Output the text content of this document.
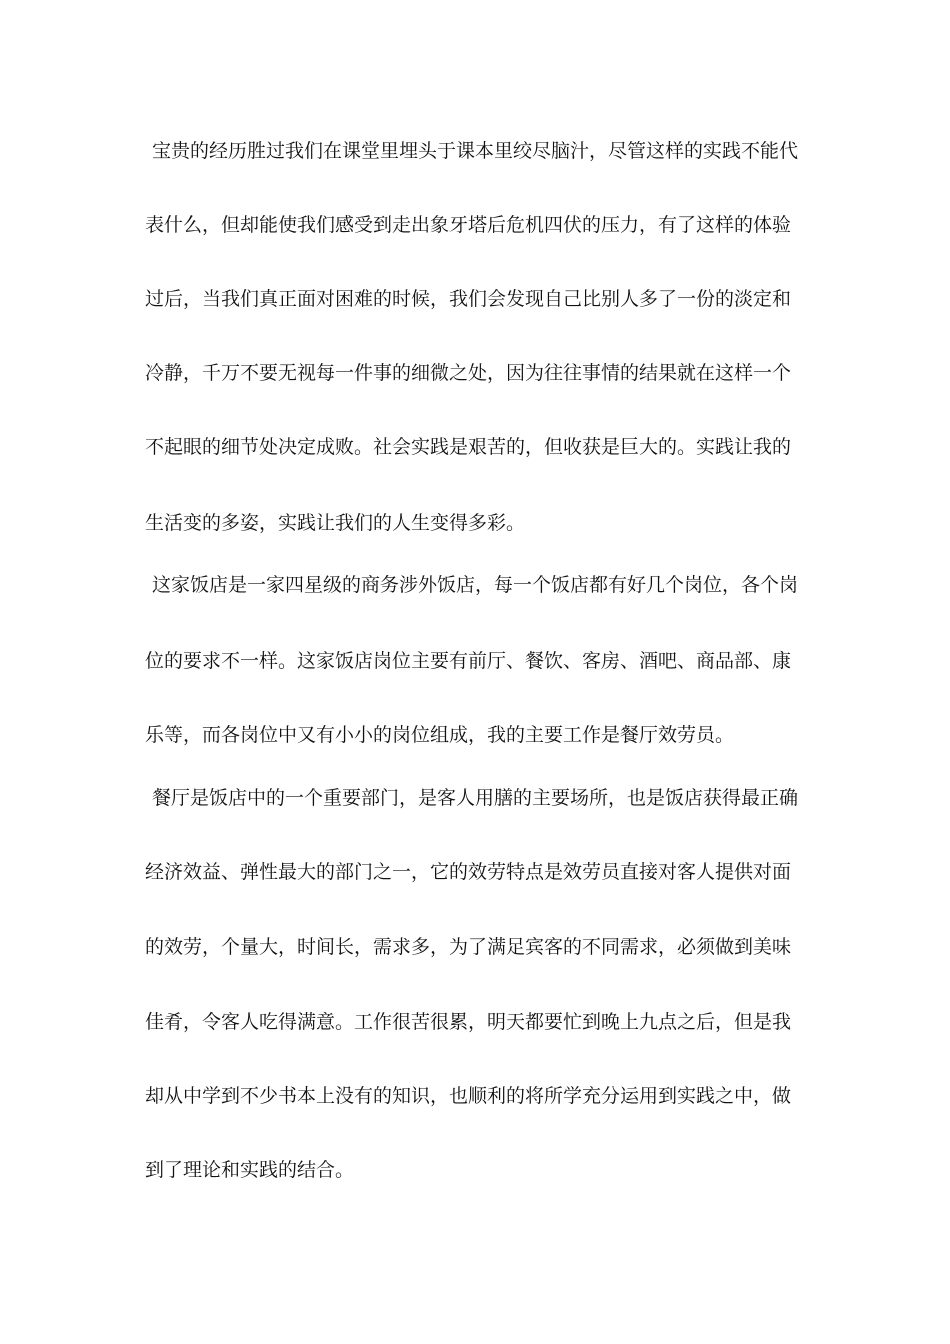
宝贵的经历胜过我们在课堂里埋头于课本里绞尽脑汁，尽管这样的实践不能代
表什么，但却能使我们感受到走出象牙塔后危机四伏的压力，有了这样的体验
过后，当我们真正面对困难的时候，我们会发现自己比别人多了一份的淡定和
冷静，千万不要无视每一件事的细微之处，因为往往事情的结果就在这样一个
不起眼的细节处决定成败。社会实践是艰苦的，但收获是巨大的。实践让我的
生活变的多姿，实践让我们的人生变得多彩。
这家饭店是一家四星级的商务涉外饭店，每一个饭店都有好几个岗位，各个岗
位的要求不一样。这家饭店岗位主要有前厅、餐饮、客房、酒吧、商品部、康
乐等，而各岗位中又有小小的岗位组成，我的主要工作是餐厅效劳员。
餐厅是饭店中的一个重要部门，是客人用膳的主要场所，也是饭店获得最正确
经济效益、弹性最大的部门之一，它的效劳特点是效劳员直接对客人提供对面
的效劳，个量大，时间长，需求多，为了满足宾客的不同需求，必须做到美味
佳肴，令客人吃得满意。工作很苦很累，明天都要忙到晚上九点之后，但是我
却从中学到不少书本上没有的知识，也顺利的将所学充分运用到实践之中，做
到了理论和实践的结合。
